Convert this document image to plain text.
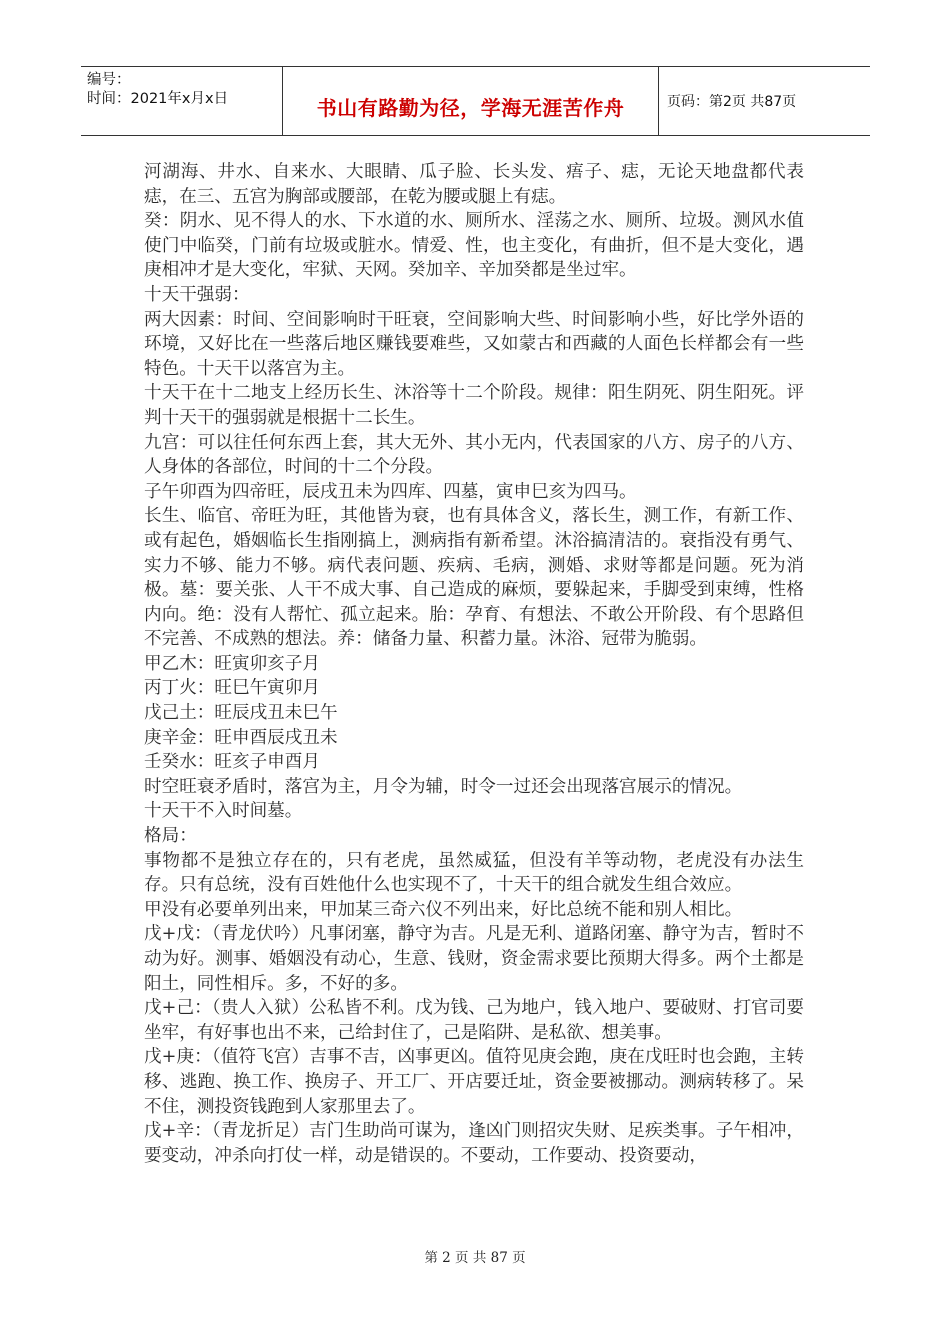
编号：
时间：2021年x月x日	书山有路勤为径，学海无涯苦作舟	页码：第2页 共87页

河湖海、井水、自来水、大眼睛、瓜子脸、长头发、痦子、痣，无论天地盘都代表痣，在三、五宫为胸部或腰部，在乾为腰或腿上有痣。

癸：阴水、见不得人的水、下水道的水、厕所水、淫荡之水、厕所、垃圾。测风水值使门中临癸，门前有垃圾或脏水。情爱、性，也主变化，有曲折，但不是大变化，遇庚相冲才是大变化，牢狱、天网。癸加辛、辛加癸都是坐过牢。

十天干强弱：

两大因素：时间、空间影响时干旺衰，空间影响大些、时间影响小些，好比学外语的环境，又好比在一些落后地区赚钱要难些，又如蒙古和西藏的人面色长样都会有一些特色。十天干以落宫为主。

十天干在十二地支上经历长生、沐浴等十二个阶段。规律：阳生阴死、阴生阳死。评判十天干的强弱就是根据十二长生。

九宫：可以往任何东西上套，其大无外、其小无内，代表国家的八方、房子的八方、人身体的各部位，时间的十二个分段。

子午卯酉为四帝旺，辰戌丑未为四库、四墓，寅申巳亥为四马。

长生、临官、帝旺为旺，其他皆为衰，也有具体含义，落长生，测工作，有新工作、或有起色，婚姻临长生指刚搞上，测病指有新希望。沐浴搞清洁的。衰指没有勇气、实力不够、能力不够。病代表问题、疾病、毛病，测婚、求财等都是问题。死为消极。墓：要关张、人干不成大事、自己造成的麻烦，要躲起来，手脚受到束缚，性格内向。绝：没有人帮忙、孤立起来。胎：孕育、有想法、不敢公开阶段、有个思路但不完善、不成熟的想法。养：储备力量、积蓄力量。沐浴、冠带为脆弱。

甲乙木：旺寅卯亥子月

丙丁火：旺巳午寅卯月

戊己土：旺辰戌丑未巳午

庚辛金：旺申酉辰戌丑未

壬癸水：旺亥子申酉月

时空旺衰矛盾时，落宫为主，月令为辅，时令一过还会出现落宫展示的情况。

十天干不入时间墓。

格局：

事物都不是独立存在的，只有老虎，虽然威猛，但没有羊等动物，老虎没有办法生存。只有总统，没有百姓他什么也实现不了，十天干的组合就发生组合效应。

甲没有必要单列出来，甲加某三奇六仪不列出来，好比总统不能和别人相比。

戊+戊：（青龙伏吟）凡事闭塞，静守为吉。凡是无利、道路闭塞、静守为吉，暂时不动为好。测事、婚姻没有动心，生意、钱财，资金需求要比预期大得多。两个土都是阳土，同性相斥。多，不好的多。

戊+己：（贵人入狱）公私皆不利。戊为钱、己为地户，钱入地户、要破财、打官司要坐牢，有好事也出不来，己给封住了，己是陷阱、是私欲、想美事。

戊+庚：（值符飞宫）吉事不吉，凶事更凶。值符见庚会跑，庚在戊旺时也会跑，主转移、逃跑、换工作、换房子、开工厂、开店要迁址，资金要被挪动。测病转移了。呆不住，测投资钱跑到人家那里去了。

戊+辛：（青龙折足）吉门生助尚可谋为，逢凶门则招灾失财、足疾类事。子午相冲，要变动，冲杀向打仗一样，动是错误的。不要动，工作要动、投资要动，

第 2 页 共 87 页
